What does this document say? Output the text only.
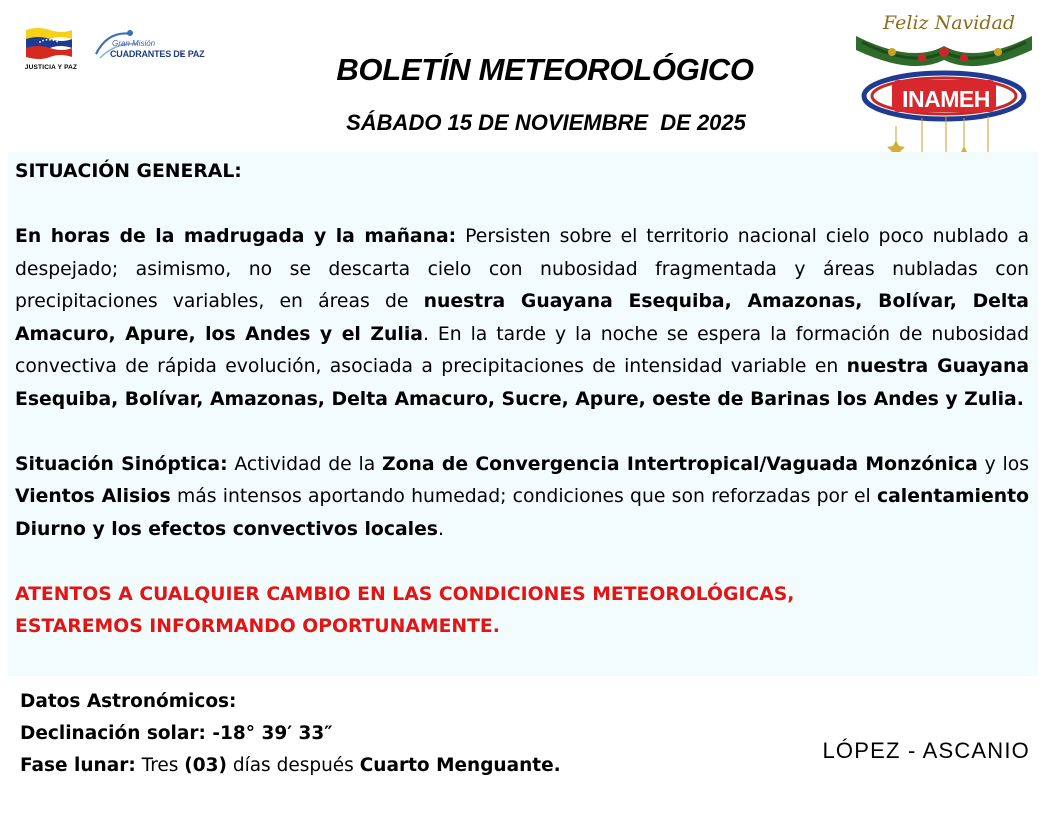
JUSTICIA Y PAZ
Gran Misión
CUADRANTES DE PAZ	BOLETÍN METEOROLÓGICO
SÁBADO 15 DE NOVIEMBRE  DE 2025
Feliz Navidad
INAMEH

SITUACIÓN GENERAL:

En horas de la madrugada y la mañana: Persisten sobre el territorio nacional cielo poco nublado a despejado; asimismo, no se descarta cielo con nubosidad fragmentada y áreas nubladas con precipitaciones variables, en áreas de nuestra Guayana Esequiba, Amazonas, Bolívar, Delta Amacuro, Apure, los Andes y el Zulia. En la tarde y la noche se espera la formación de nubosidad convectiva de rápida evolución, asociada a precipitaciones de intensidad variable en nuestra Guayana Esequiba, Bolívar, Amazonas, Delta Amacuro, Sucre, Apure, oeste de Barinas los Andes y Zulia.

Situación Sinóptica: Actividad de la Zona de Convergencia Intertropical/Vaguada Monzónica y los Vientos Alisios más intensos aportando humedad; condiciones que son reforzadas por el calentamiento Diurno y los efectos convectivos locales.

ATENTOS A CUALQUIER CAMBIO EN LAS CONDICIONES METEOROLÓGICAS,

ESTAREMOS INFORMANDO OPORTUNAMENTE.

Datos Astronómicos:

Declinación solar: -18° 39′ 33″

Fase lunar: Tres (03) días después Cuarto Menguante.

LÓPEZ - ASCANIO
